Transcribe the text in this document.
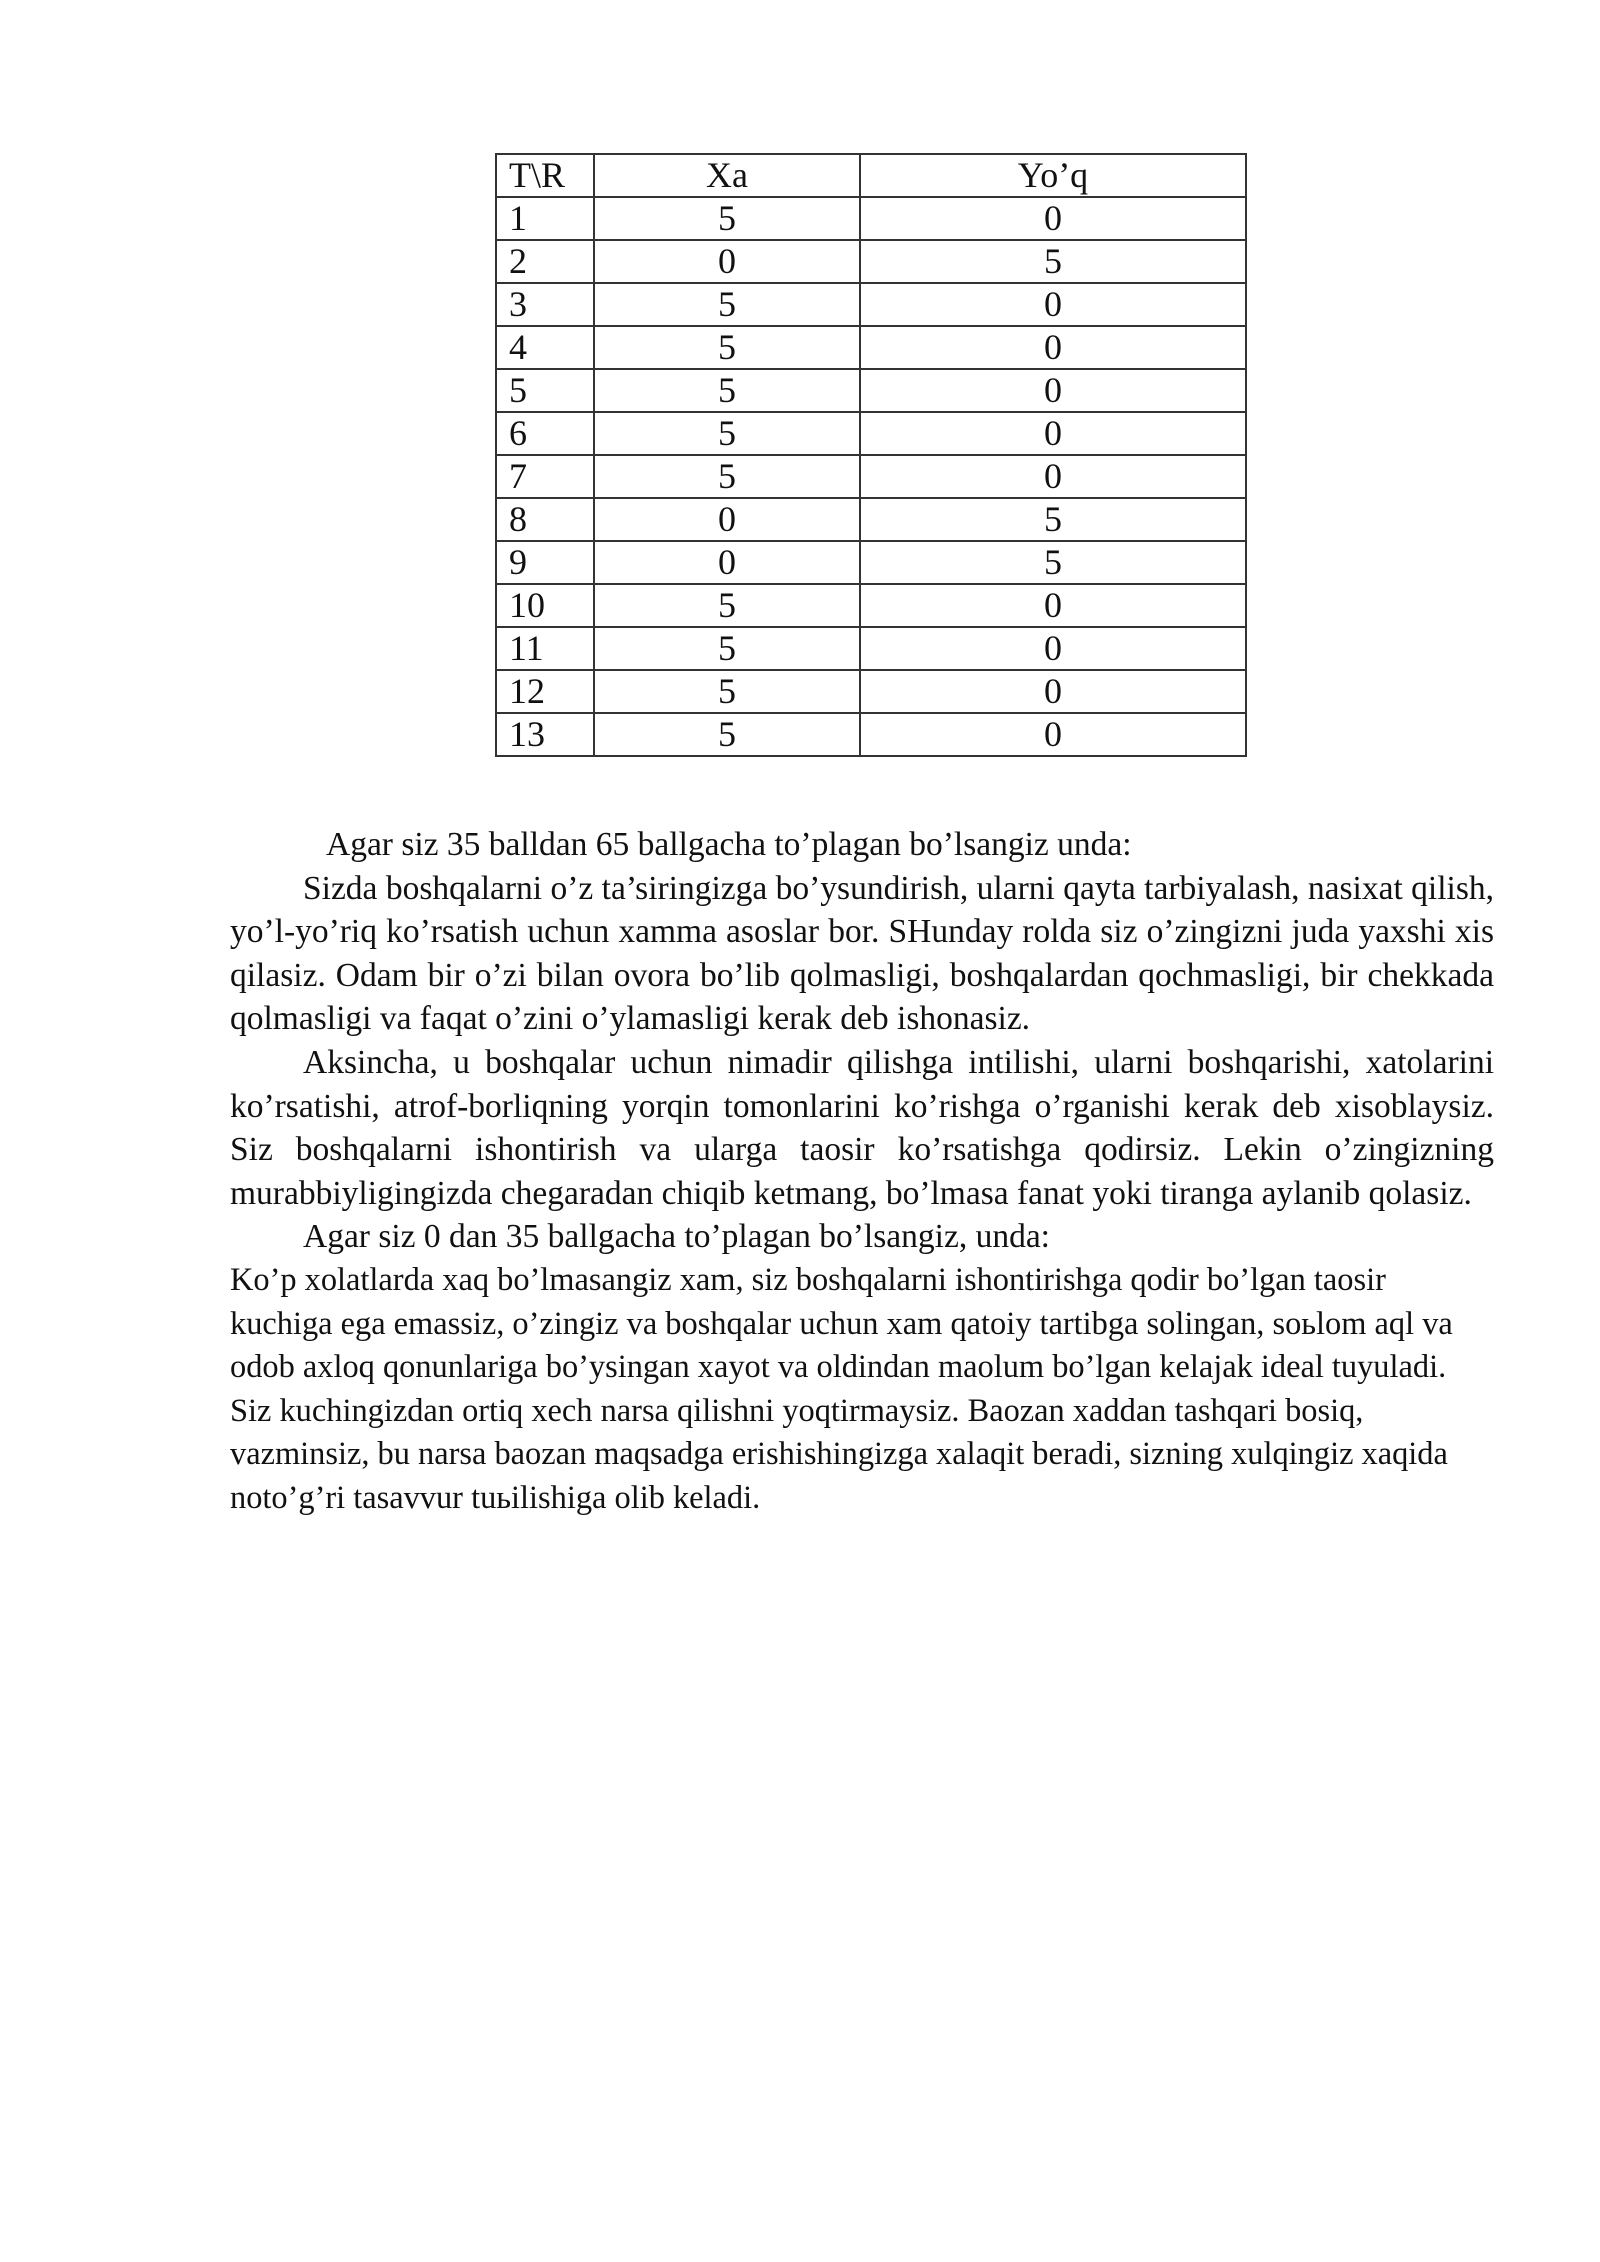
T\R	Xa	Yo’q
1	5	0
2	0	5
3	5	0
4	5	0
5	5	0
6	5	0
7	5	0
8	0	5
9	0	5
10	5	0
11	5	0
12	5	0
13	5	0

Agar siz 35 balldan 65 ballgacha to’plagan bo’lsangiz unda:

Sizda boshqalarni o’z ta’siringizga bo’ysundirish, ularni qayta tarbiyalash, nasixat qilish, yo’l-yo’riq ko’rsatish uchun xamma asoslar bor. SHunday rolda siz o’zingizni juda yaxshi xis qilasiz. Odam bir o’zi bilan ovora bo’lib qolmasligi, boshqalardan qochmasligi, bir chekkada qolmasligi va faqat o’zini o’ylamasligi kerak deb ishonasiz.

Aksincha, u boshqalar uchun nimadir qilishga intilishi, ularni boshqarishi, xatolarini ko’rsatishi, atrof-borliqning yorqin tomonlarini ko’rishga o’rganishi kerak deb xisoblaysiz. Siz boshqalarni ishontirish va ularga taosir ko’rsatishga qodirsiz. Lekin o’zingizning murabbiyligingizda chegaradan chiqib ketmang, bo’lmasa fanat yoki tiranga aylanib qolasiz.

Agar siz 0 dan 35 ballgacha to’plagan bo’lsangiz, unda:

Ko’p xolatlarda xaq bo’lmasangiz xam, siz boshqalarni ishontirishga qodir bo’lgan taosir kuchiga ega emassiz, o’zingiz va boshqalar uchun xam qatoiy tartibga solingan, soьlom aql va odob axloq qonunlariga bo’ysingan xayot va oldindan maolum bo’lgan kelajak ideal tuyuladi. Siz kuchingizdan ortiq xech narsa qilishni yoqtirmaysiz. Baozan xaddan tashqari bosiq, vazminsiz, bu narsa baozan maqsadga erishishingizga xalaqit beradi, sizning xulqingiz xaqida noto’g’ri tasavvur tuьilishiga olib keladi.
